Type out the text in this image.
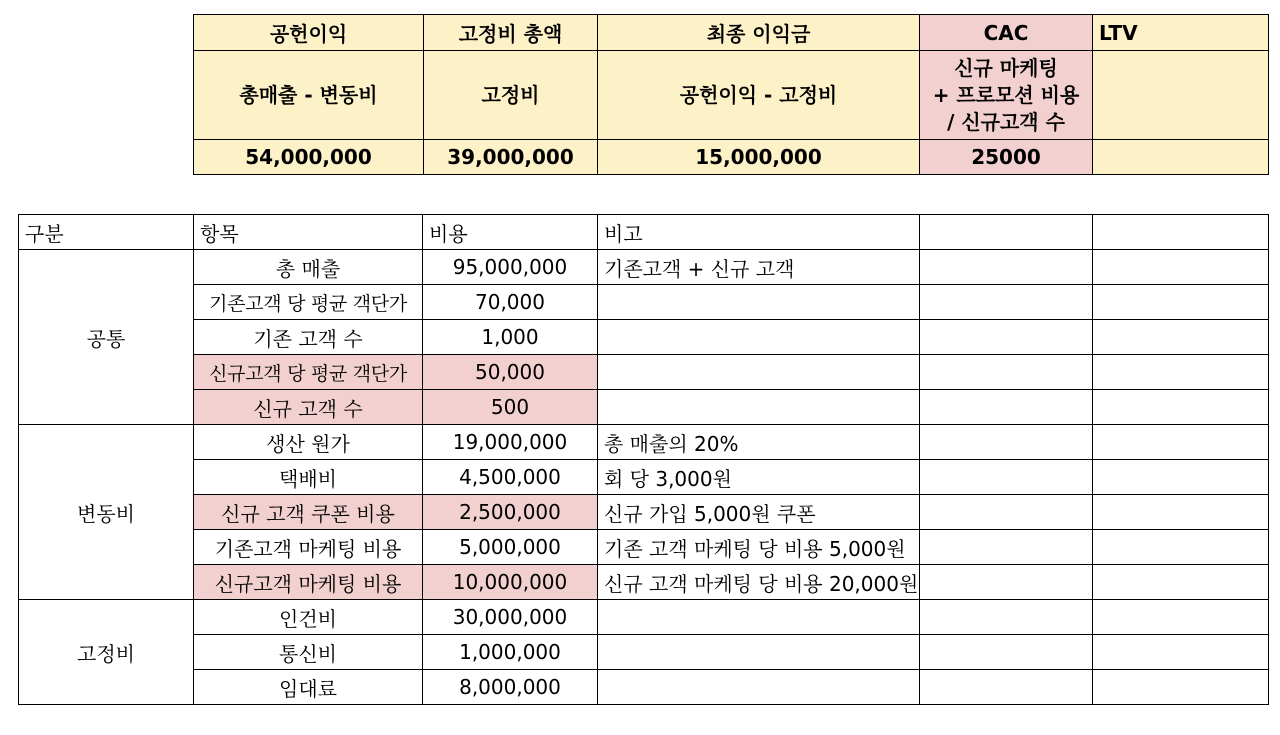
공헌이익	고정비 총액	최종 이익금	CAC	LTV
총매출 - 변동비	고정비	공헌이익 - 고정비	신규 마케팅
+ 프로모션 비용
/ 신규고객 수	

54,000,000	39,000,000	15,000,000	25000	
구분	항목	비용	비고		
공통	총 매출	95,000,000	기존고객 + 신규 고객		
	기존고객 당 평균 객단가	70,000			
	기존 고객 수	1,000			
	신규고객 당 평균 객단가	50,000			
	신규 고객 수	500			
변동비	생산 원가	19,000,000	총 매출의 20%		
	택배비	4,500,000	회 당 3,000원		
	신규 고객 쿠폰 비용	2,500,000	신규 가입 5,000원 쿠폰		
	기존고객 마케팅 비용	5,000,000	기존 고객 마케팅 당 비용 5,000원		
	신규고객 마케팅 비용	10,000,000	신규 고객 마케팅 당 비용 20,000원		
고정비	인건비	30,000,000			
	통신비	1,000,000			
	임대료	8,000,000			
